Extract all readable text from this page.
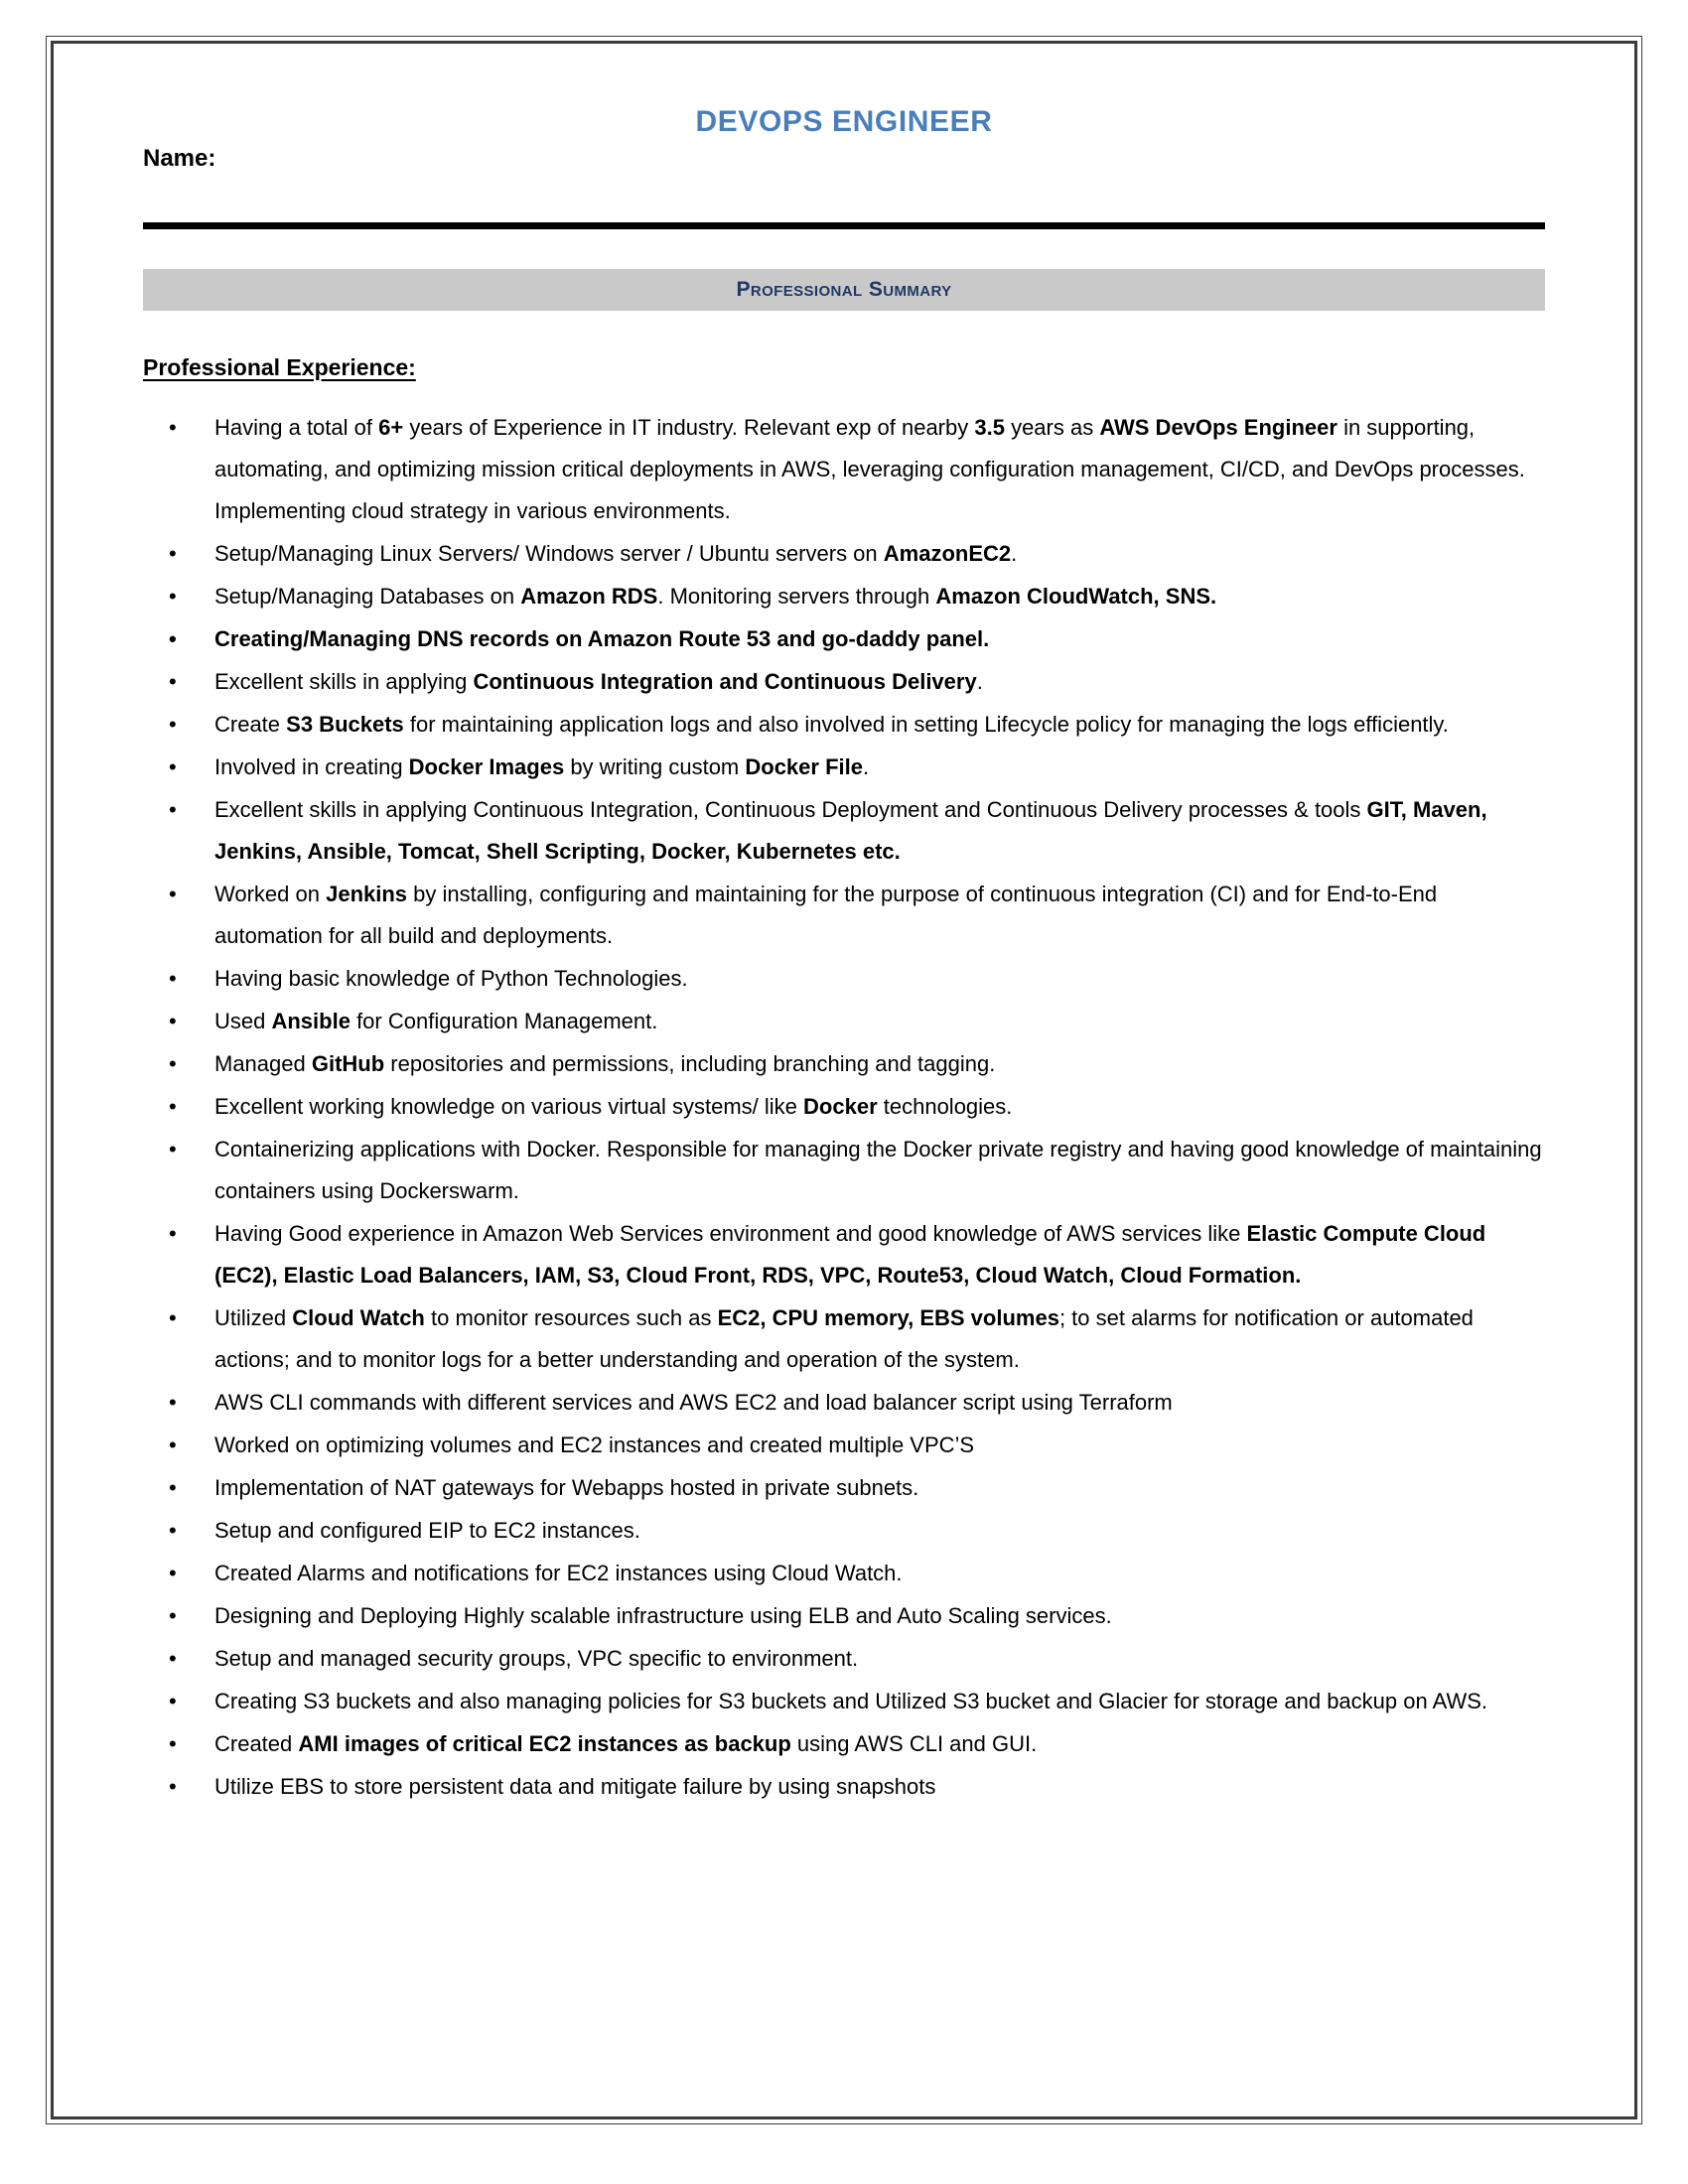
DEVOPS ENGINEER
Name:
Professional Summary
Professional Experience:
• Having a total of 6+ years of Experience in IT industry. Relevant exp of nearby 3.5 years as AWS DevOps Engineer in supporting, automating, and optimizing mission critical deployments in AWS, leveraging configuration management, CI/CD, and DevOps processes. Implementing cloud strategy in various environments.
• Setup/Managing Linux Servers/ Windows server / Ubuntu servers on AmazonEC2.
• Setup/Managing Databases on Amazon RDS. Monitoring servers through Amazon CloudWatch, SNS.
• Creating/Managing DNS records on Amazon Route 53 and go-daddy panel.
• Excellent skills in applying Continuous Integration and Continuous Delivery.
• Create S3 Buckets for maintaining application logs and also involved in setting Lifecycle policy for managing the logs efficiently.
• Involved in creating Docker Images by writing custom Docker File.
• Excellent skills in applying Continuous Integration, Continuous Deployment and Continuous Delivery processes & tools GIT, Maven, Jenkins, Ansible, Tomcat, Shell Scripting, Docker, Kubernetes etc.
• Worked on Jenkins by installing, configuring and maintaining for the purpose of continuous integration (CI) and for End-to-End automation for all build and deployments.
• Having basic knowledge of Python Technologies.
• Used Ansible for Configuration Management.
• Managed GitHub repositories and permissions, including branching and tagging.
• Excellent working knowledge on various virtual systems/ like Docker technologies.
• Containerizing applications with Docker. Responsible for managing the Docker private registry and having good knowledge of maintaining containers using Dockerswarm.
• Having Good experience in Amazon Web Services environment and good knowledge of AWS services like Elastic Compute Cloud (EC2), Elastic Load Balancers, IAM, S3, Cloud Front, RDS, VPC, Route53, Cloud Watch, Cloud Formation.
• Utilized Cloud Watch to monitor resources such as EC2, CPU memory, EBS volumes; to set alarms for notification or automated actions; and to monitor logs for a better understanding and operation of the system.
• AWS CLI commands with different services and AWS EC2 and load balancer script using Terraform
• Worked on optimizing volumes and EC2 instances and created multiple VPC’S
• Implementation of NAT gateways for Webapps hosted in private subnets.
• Setup and configured EIP to EC2 instances.
• Created Alarms and notifications for EC2 instances using Cloud Watch.
• Designing and Deploying Highly scalable infrastructure using ELB and Auto Scaling services.
• Setup and managed security groups, VPC specific to environment.
• Creating S3 buckets and also managing policies for S3 buckets and Utilized S3 bucket and Glacier for storage and backup on AWS.
• Created AMI images of critical EC2 instances as backup using AWS CLI and GUI.
• Utilize EBS to store persistent data and mitigate failure by using snapshots
